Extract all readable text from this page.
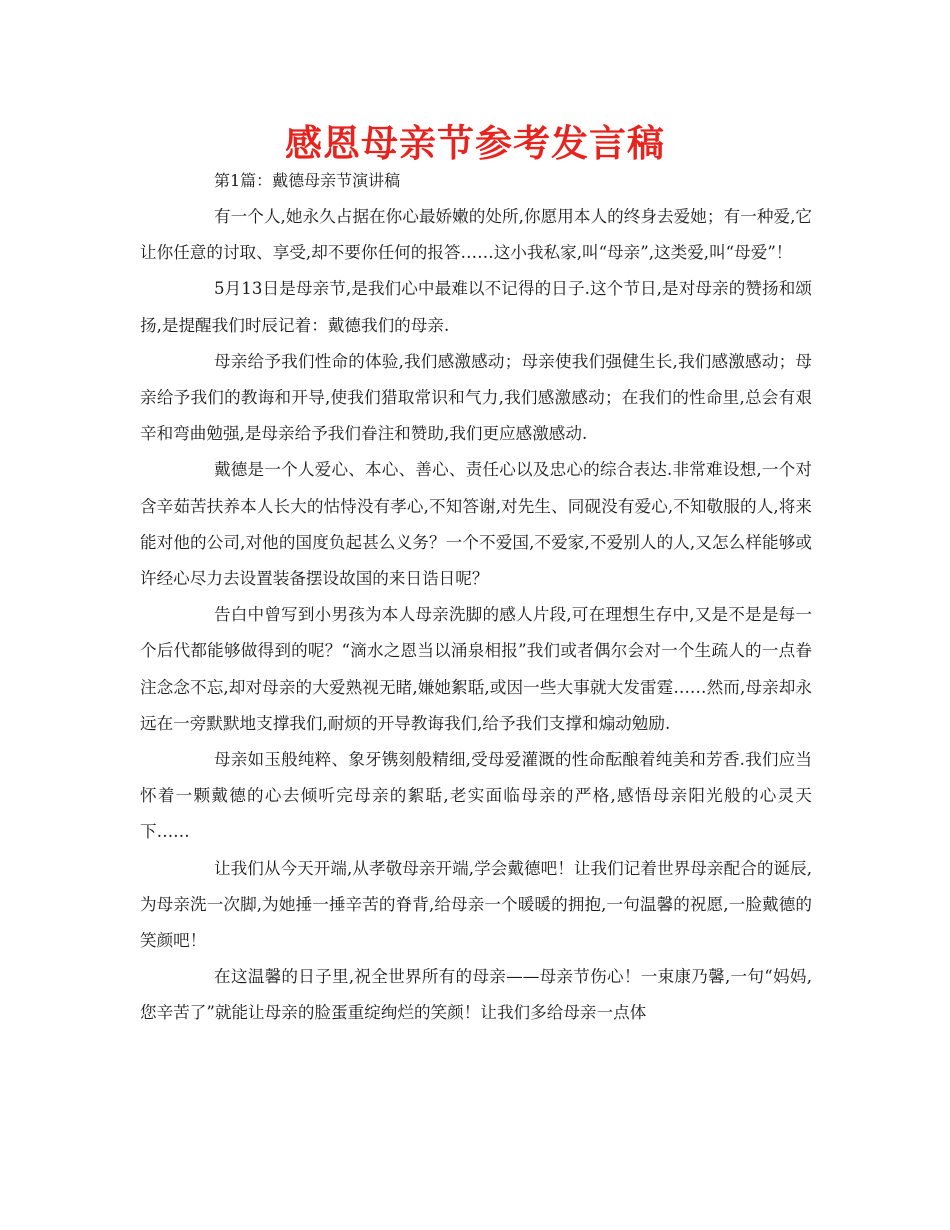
感恩母亲节参考发言稿

第1篇：戴德母亲节演讲稿

有一个人,她永久占据在你心最娇嫩的处所,你愿用本人的终身去爱她；有一种爱,它让你任意的讨取、享受,却不要你任何的报答……这小我私家,叫“母亲”,这类爱,叫“母爱”！

5月13日是母亲节,是我们心中最难以不记得的日子.这个节日,是对母亲的赞扬和颂扬,是提醒我们时辰记着：戴德我们的母亲.

母亲给予我们性命的体验,我们感激感动；母亲使我们强健生长,我们感激感动；母亲给予我们的教诲和开导,使我们猎取常识和气力,我们感激感动；在我们的性命里,总会有艰辛和弯曲勉强,是母亲给予我们眷注和赞助,我们更应感激感动.

戴德是一个人爱心、本心、善心、责任心以及忠心的综合表达.非常难设想,一个对含辛茹苦扶养本人长大的怙恃没有孝心,不知答谢,对先生、同砚没有爱心,不知敬服的人,将来能对他的公司,对他的国度负起甚么义务？一个不爱国,不爱家,不爱别人的人,又怎么样能够或许经心尽力去设置装备摆设故国的来日诰日呢？

告白中曾写到小男孩为本人母亲洗脚的感人片段,可在理想生存中,又是不是是每一个后代都能够做得到的呢？“滴水之恩当以涌泉相报”我们或者偶尔会对一个生疏人的一点眷注念念不忘,却对母亲的大爱熟视无睹,嫌她絮聒,或因一些大事就大发雷霆……然而,母亲却永远在一旁默默地支撑我们,耐烦的开导教诲我们,给予我们支撑和煽动勉励.

母亲如玉般纯粹、象牙镌刻般精细,受母爱灌溉的性命酝酿着纯美和芳香.我们应当怀着一颗戴德的心去倾听完母亲的絮聒,老实面临母亲的严格,感悟母亲阳光般的心灵天下……

让我们从今天开端,从孝敬母亲开端,学会戴德吧！让我们记着世界母亲配合的诞辰,为母亲洗一次脚,为她捶一捶辛苦的脊背,给母亲一个暖暖的拥抱,一句温馨的祝愿,一脸戴德的笑颜吧！

在这温馨的日子里,祝全世界所有的母亲——母亲节伤心！一束康乃馨,一句“妈妈,您辛苦了”就能让母亲的脸蛋重绽绚烂的笑颜！让我们多给母亲一点体
